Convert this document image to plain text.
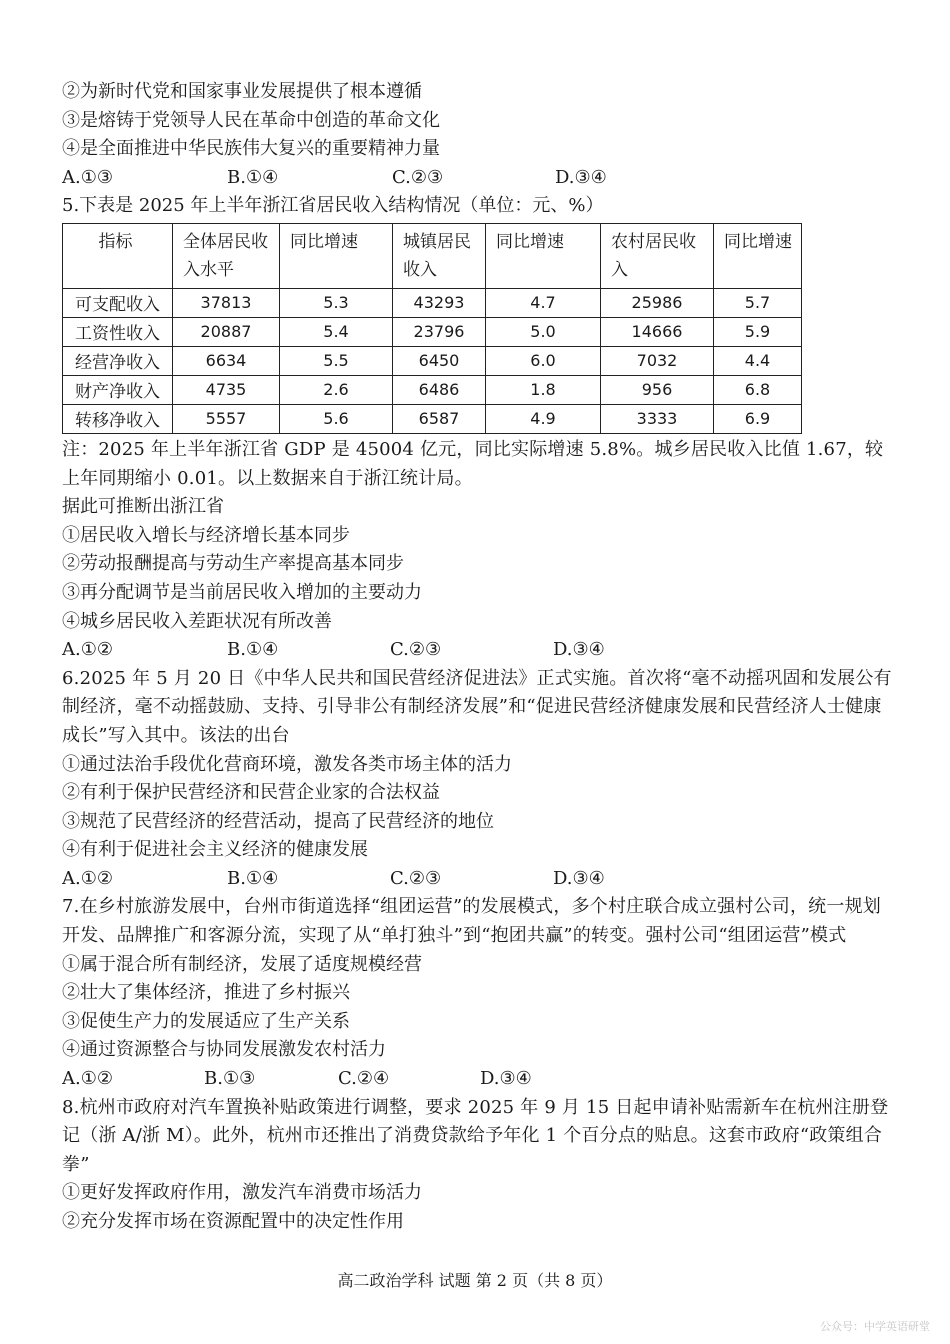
②为新时代党和国家事业发展提供了根本遵循
③是熔铸于党领导人民在革命中创造的革命文化
④是全面推进中华民族伟大复兴的重要精神力量
A.①③	B.①④	C.②③	D.③④
5.下表是 2025 年上半年浙江省居民收入结构情况（单位：元、%）
指标	全体居民收入水平	同比增速	城镇居民收入	同比增速	农村居民收入	同比增速
可支配收入	37813	5.3	43293	4.7	25986	5.7
工资性收入	20887	5.4	23796	5.0	14666	5.9
经营净收入	6634	5.5	6450	6.0	7032	4.4
财产净收入	4735	2.6	6486	1.8	956	6.8
转移净收入	5557	5.6	6587	4.9	3333	6.9
注：2025 年上半年浙江省 GDP 是 45004 亿元，同比实际增速 5.8%。城乡居民收入比值 1.67，较上年同期缩小 0.01。以上数据来自于浙江统计局。
据此可推断出浙江省
①居民收入增长与经济增长基本同步
②劳动报酬提高与劳动生产率提高基本同步
③再分配调节是当前居民收入增加的主要动力
④城乡居民收入差距状况有所改善
A.①②	B.①④	C.②③	D.③④
6.2025 年 5 月 20 日《中华人民共和国民营经济促进法》正式实施。首次将“毫不动摇巩固和发展公有制经济，毫不动摇鼓励、支持、引导非公有制经济发展”和“促进民营经济健康发展和民营经济人士健康成长”写入其中。该法的出台
①通过法治手段优化营商环境，激发各类市场主体的活力
②有利于保护民营经济和民营企业家的合法权益
③规范了民营经济的经营活动，提高了民营经济的地位
④有利于促进社会主义经济的健康发展
A.①②	B.①④	C.②③	D.③④
7.在乡村旅游发展中，台州市街道选择“组团运营”的发展模式，多个村庄联合成立强村公司，统一规划开发、品牌推广和客源分流，实现了从“单打独斗”到“抱团共赢”的转变。强村公司“组团运营”模式
①属于混合所有制经济，发展了适度规模经营
②壮大了集体经济，推进了乡村振兴
③促使生产力的发展适应了生产关系
④通过资源整合与协同发展激发农村活力
A.①②	B.①③	C.②④	D.③④
8.杭州市政府对汽车置换补贴政策进行调整，要求 2025 年 9 月 15 日起申请补贴需新车在杭州注册登记（浙 A/浙 M）。此外，杭州市还推出了消费贷款给予年化 1 个百分点的贴息。这套市政府“政策组合拳”
①更好发挥政府作用，激发汽车消费市场活力
②充分发挥市场在资源配置中的决定性作用
高二政治学科 试题 第 2 页（共 8 页）
公众号：中学英语研堂
